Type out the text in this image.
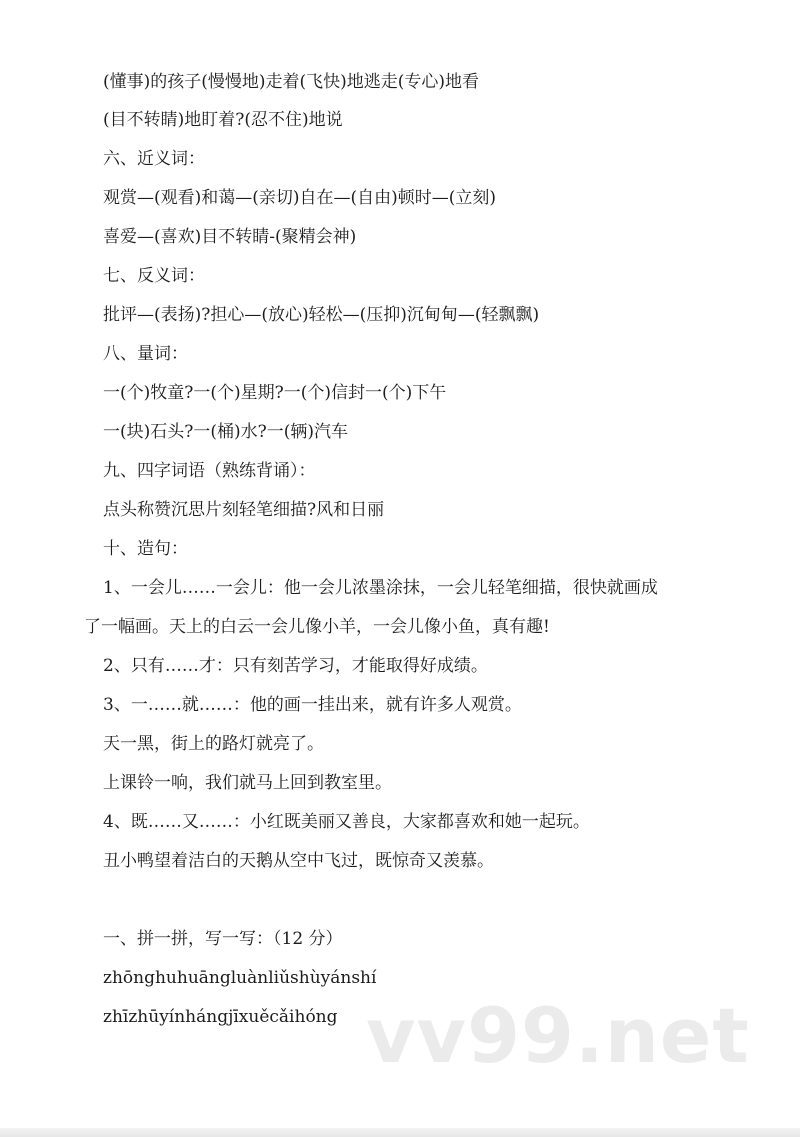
(懂事)的孩子(慢慢地)走着(飞快)地逃走(专心)地看
(目不转睛)地盯着?(忍不住)地说
六、近义词：
观赏—(观看)和蔼—(亲切)自在—(自由)顿时—(立刻)
喜爱—(喜欢)目不转睛-(聚精会神)
七、反义词：
批评—(表扬)?担心—(放心)轻松—(压抑)沉甸甸—(轻飘飘)
八、量词：
一(个)牧童?一(个)星期?一(个)信封一(个)下午
一(块)石头?一(桶)水?一(辆)汽车
九、四字词语（熟练背诵）：
点头称赞沉思片刻轻笔细描?风和日丽
十、造句：
1、一会儿……一会儿：他一会儿浓墨涂抹，一会儿轻笔细描，很快就画成
了一幅画。天上的白云一会儿像小羊，一会儿像小鱼，真有趣!
2、只有……才：只有刻苦学习，才能取得好成绩。
3、一……就……：他的画一挂出来，就有许多人观赏。
天一黑，街上的路灯就亮了。
上课铃一响，我们就马上回到教室里。
4、既……又……：小红既美丽又善良，大家都喜欢和她一起玩。
丑小鸭望着洁白的天鹅从空中飞过，既惊奇又羡慕。
一、拼一拼，写一写：（12 分）
zhōnghuhuānglu​ànliǔshùyánshí
zhīzhūyínhángjīxuěcǎihóng vv99.net
